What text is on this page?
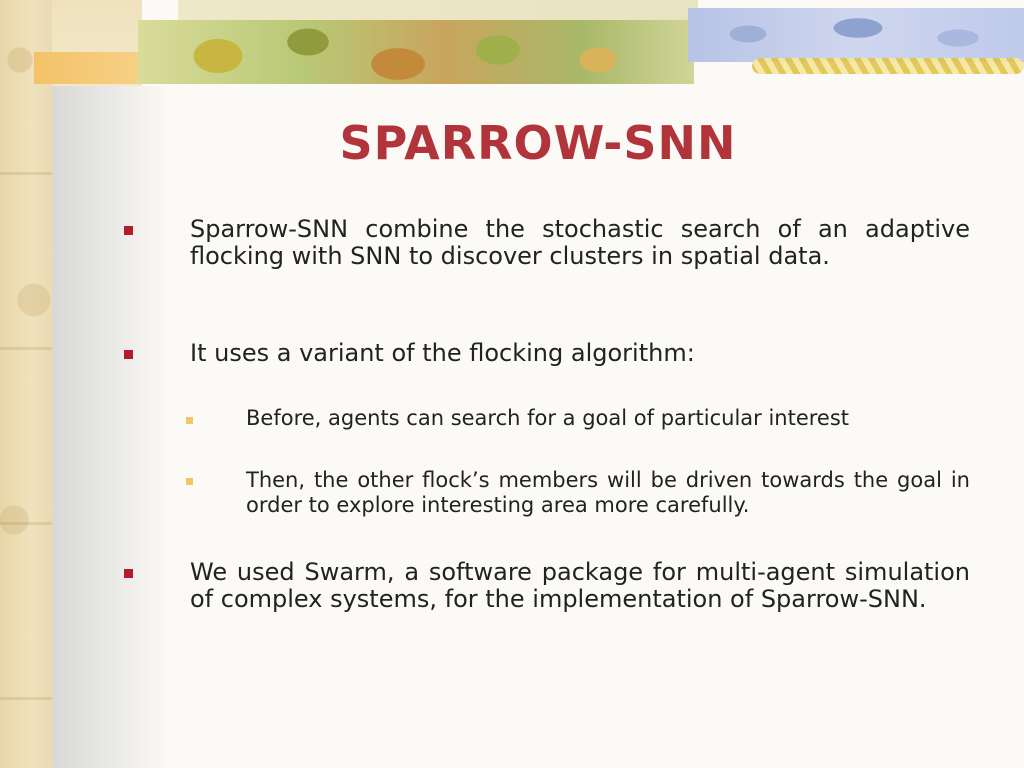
SPARROW-SNN

Sparrow-SNN combine the stochastic search of an adaptive flocking with SNN to discover clusters in spatial data.

It uses a variant of the flocking algorithm:

Before, agents can search for a goal of particular interest

Then, the other flock’s members will be driven towards the goal in order to explore interesting area more carefully.

We used Swarm, a software package for multi-agent simulation of complex systems, for the implementation of Sparrow-SNN.
